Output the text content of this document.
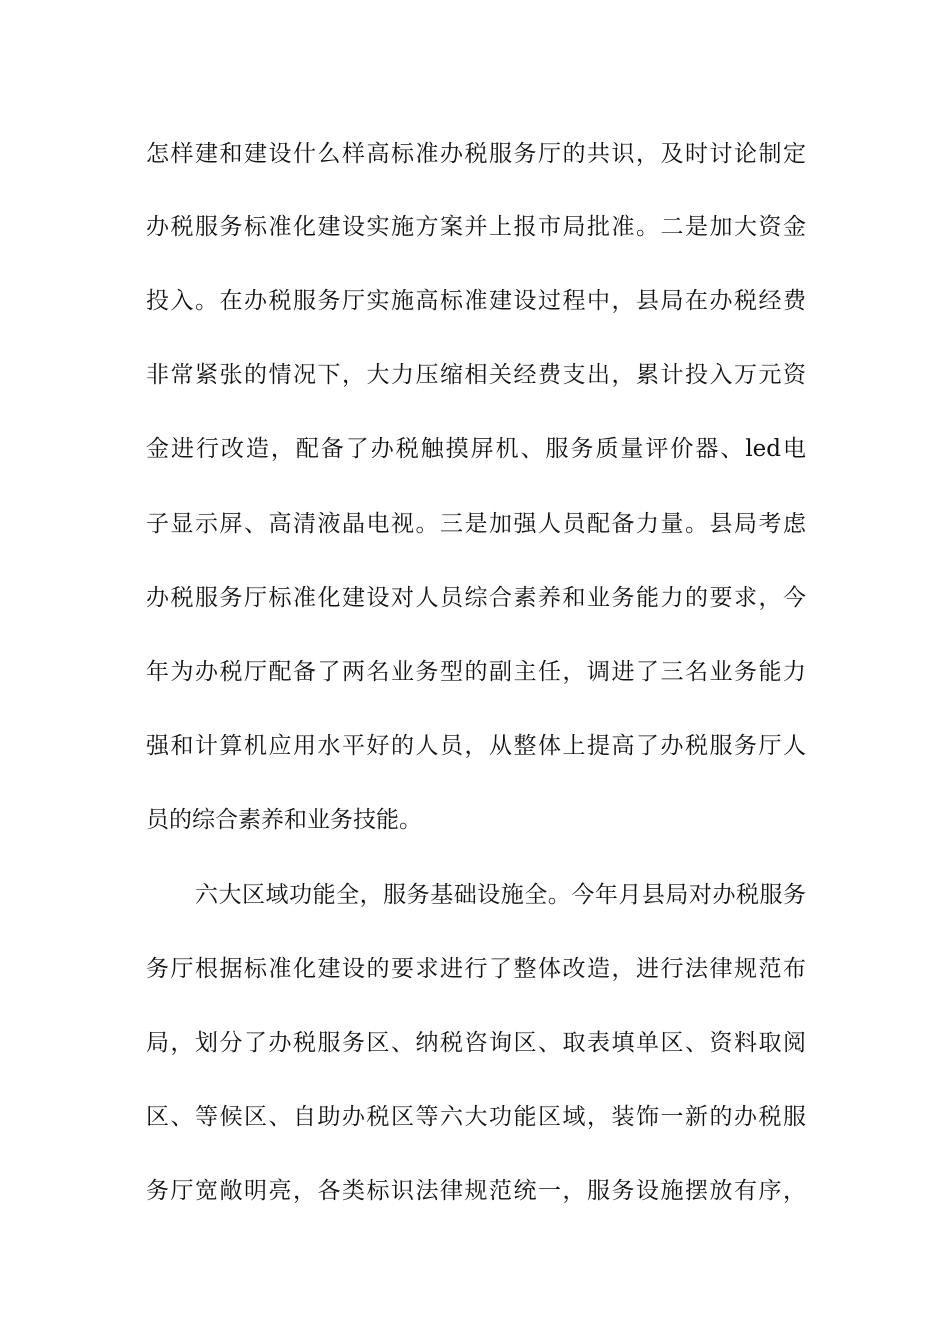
怎样建和建设什么样高标准办税服务厅的共识，及时讨论制定
办税服务标准化建设实施方案并上报市局批准。二是加大资金
投入。在办税服务厅实施高标准建设过程中，县局在办税经费
非常紧张的情况下，大力压缩相关经费支出，累计投入万元资
金进行改造，配备了办税触摸屏机、服务质量评价器、led电
子显示屏、高清液晶电视。三是加强人员配备力量。县局考虑
办税服务厅标准化建设对人员综合素养和业务能力的要求，今
年为办税厅配备了两名业务型的副主任，调进了三名业务能力
强和计算机应用水平好的人员，从整体上提高了办税服务厅人
员的综合素养和业务技能。
六大区域功能全，服务基础设施全。今年月县局对办税服务
务厅根据标准化建设的要求进行了整体改造，进行法律规范布
局，划分了办税服务区、纳税咨询区、取表填单区、资料取阅
区、等候区、自助办税区等六大功能区域，装饰一新的办税服
务厅宽敞明亮，各类标识法律规范统一，服务设施摆放有序，
